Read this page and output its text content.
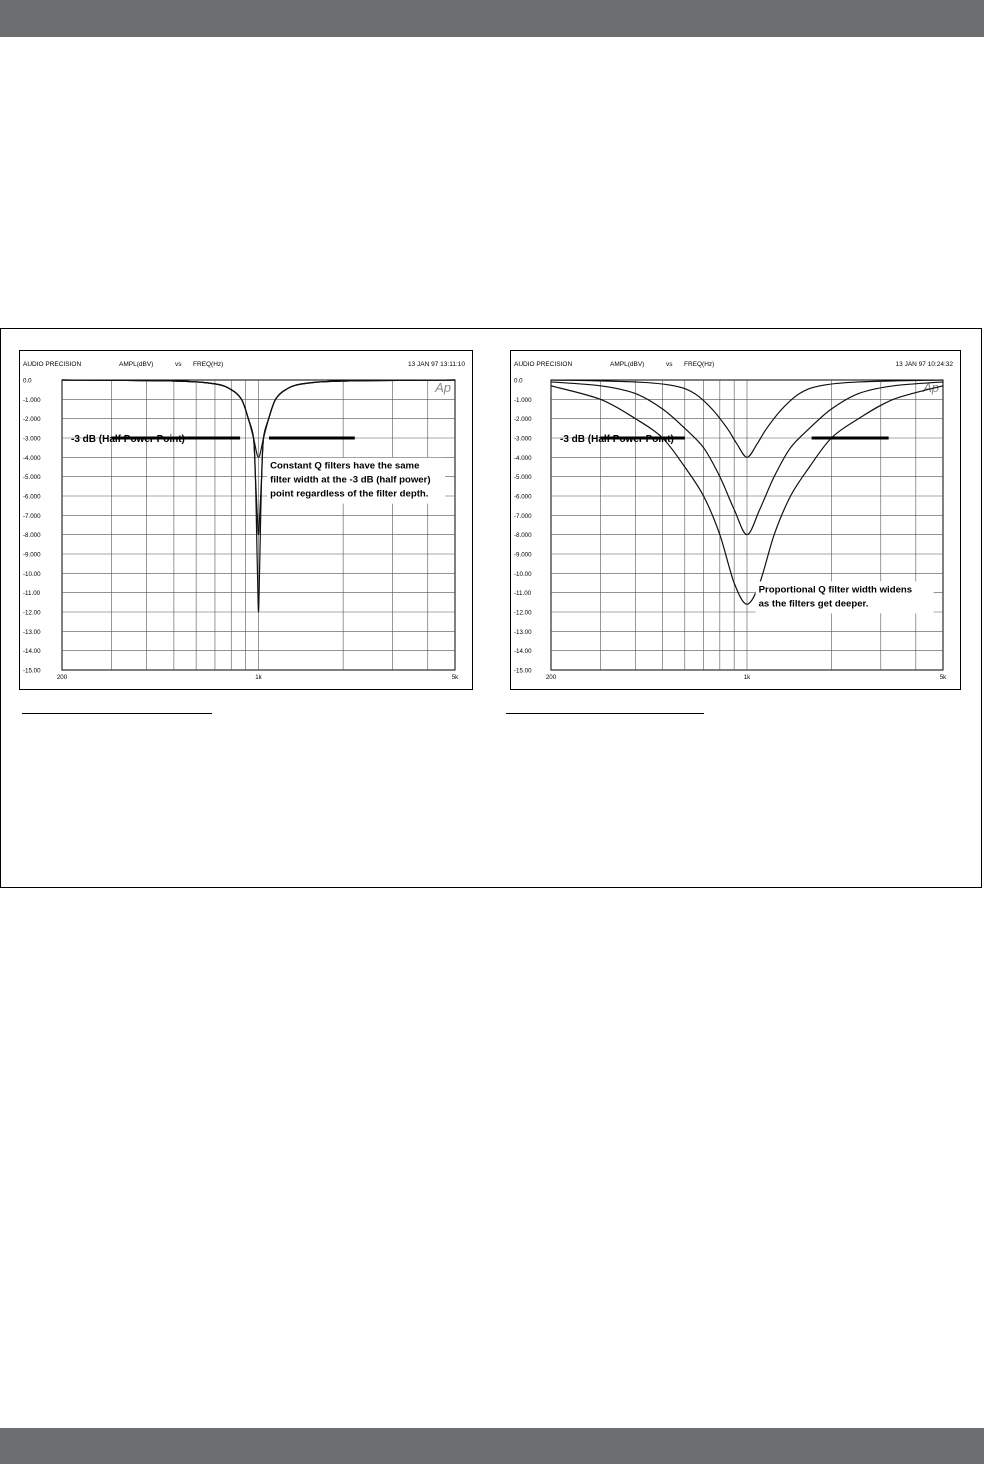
AUDIO PRECISION	AMPL(dBV)	vs FREQ(Hz)	13 JAN 97 13:11:10
0.0
-1.000
-2.000
-3.000
-4.000
-5.000
-6.000
-7.000
-8.000
-9.000
-10.00
-11.00
-12.00
-13.00
-14.00
-15.00
200	1k	5k
Ap
-3 dB (Half Power Point)
Constant Q filters have the same
filter width at the -3 dB (half power)
point regardless of the filter depth.
AUDIO PRECISION	AMPL(dBV)	vs FREQ(Hz)	13 JAN 97 10:24:32
0.0
-1.000
-2.000
-3.000
-4.000
-5.000
-6.000
-7.000
-8.000
-9.000
-10.00
-11.00
-12.00
-13.00
-14.00
-15.00
200	1k	5k
Ap
-3 dB (Half Power Point)
Proportional Q filter width widens
as the filters get deeper.
